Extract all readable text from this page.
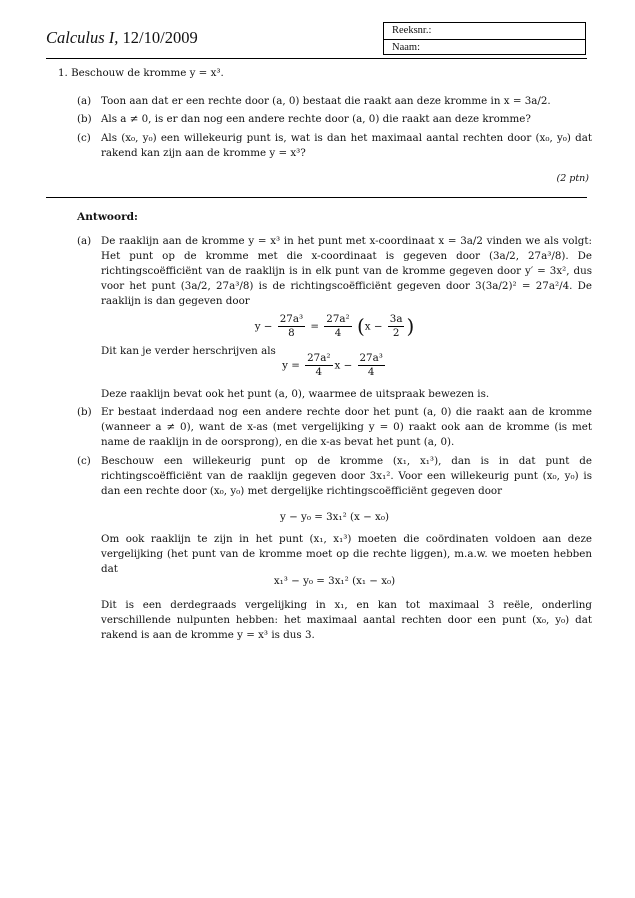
Calculus I, 12/10/2009	Reeksnr.:
Naam:
1. Beschouw de kromme y = x³.
(a) Toon aan dat er een rechte door (a, 0) bestaat die raakt aan deze kromme in x = 3a/2.
(b) Als a ≠ 0, is er dan nog een andere rechte door (a, 0) die raakt aan deze kromme?
(c) Als (x₀, y₀) een willekeurig punt is, wat is dan het maximaal aantal rechten door (x₀, y₀) dat rakend kan zijn aan de kromme y = x³?
(2 ptn)
Antwoord:
(a) De raaklijn aan de kromme y = x³ in het punt met x-coordinaat x = 3a/2 vinden we als volgt: Het punt op de kromme met die x-coordinaat is gegeven door (3a/2, 27a³/8). De richtingscoëfficiënt van de raaklijn is in elk punt van de kromme gegeven door y′ = 3x², dus voor het punt (3a/2, 27a³/8) is de richtingscoëfficiënt gegeven door 3(3a/2)² = 27a²/4. De raaklijn is dan gegeven door
$y - \frac{\text{27a³}}{8} = \frac{\text{27a²}}{4} (x - \frac{3a}{2}$ )
Dit kan je verder herschrijven als
$y = \frac{\text{27a²}}{4}$ $x - \frac{\text{27a³}}{4}$
Deze raaklijn bevat ook het punt (a, 0), waarmee de uitspraak bewezen is.
(b) Er bestaat inderdaad nog een andere rechte door het punt (a, 0) die raakt aan de kromme (wanneer a ≠ 0), want de x-as (met vergelijking y = 0) raakt ook aan de kromme (is met name de raaklijn in de oorsprong), en die x-as bevat het punt (a, 0).
(c) Beschouw een willekeurig punt op de kromme (x₁, x₁³), dan is in dat punt de richtingscoëfficiënt van de raaklijn gegeven door 3x₁². Voor een willekeurig punt (x₀, y₀) is dan een rechte door (x₀, y₀) met dergelijke richtingscoëfficiënt gegeven door
y − y₀ = 3x₁² (x − x₀)
Om ook raaklijn te zijn in het punt (x₁, x₁³) moeten die coördinaten voldoen aan deze vergelijking (het punt van de kromme moet op die rechte liggen), m.a.w. we moeten hebben dat
x₁³ − y₀ = 3x₁² (x₁ − x₀)
Dit is een derdegraads vergelijking in x₁, en kan tot maximaal 3 reële, onderling verschillende nulpunten hebben: het maximaal aantal rechten door een punt (x₀, y₀) dat rakend is aan de kromme y = x³ is dus 3.
